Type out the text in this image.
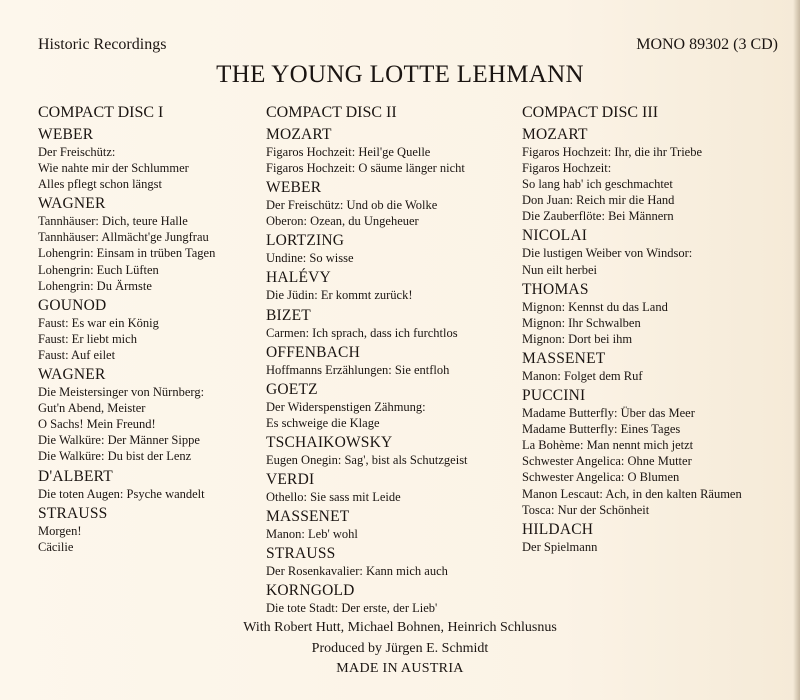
Historic Recordings	MONO 89302 (3 CD)
THE YOUNG LOTTE LEHMANN
COMPACT DISC I
WEBER
Der Freischütz:
Wie nahte mir der Schlummer
Alles pflegt schon längst
WAGNER
Tannhäuser: Dich, teure Halle
Tannhäuser: Allmächt'ge Jungfrau
Lohengrin: Einsam in trüben Tagen
Lohengrin: Euch Lüften
Lohengrin: Du Ärmste
GOUNOD
Faust: Es war ein König
Faust: Er liebt mich
Faust: Auf eilet
WAGNER
Die Meistersinger von Nürnberg:
Gut'n Abend, Meister
O Sachs! Mein Freund!
Die Walküre: Der Männer Sippe
Die Walküre: Du bist der Lenz
D'ALBERT
Die toten Augen: Psyche wandelt
STRAUSS
Morgen!
Cäcilie
COMPACT DISC II
MOZART
Figaros Hochzeit: Heil'ge Quelle
Figaros Hochzeit: O säume länger nicht
WEBER
Der Freischütz: Und ob die Wolke
Oberon: Ozean, du Ungeheuer
LORTZING
Undine: So wisse
HALÉVY
Die Jüdin: Er kommt zurück!
BIZET
Carmen: Ich sprach, dass ich furchtlos
OFFENBACH
Hoffmanns Erzählungen: Sie entfloh
GOETZ
Der Widerspenstigen Zähmung:
Es schweige die Klage
TSCHAIKOWSKY
Eugen Onegin: Sag', bist als Schutzgeist
VERDI
Othello: Sie sass mit Leide
MASSENET
Manon: Leb' wohl
STRAUSS
Der Rosenkavalier: Kann mich auch
KORNGOLD
Die tote Stadt: Der erste, der Lieb'
COMPACT DISC III
MOZART
Figaros Hochzeit: Ihr, die ihr Triebe
Figaros Hochzeit:
So lang hab' ich geschmachtet
Don Juan: Reich mir die Hand
Die Zauberflöte: Bei Männern
NICOLAI
Die lustigen Weiber von Windsor:
Nun eilt herbei
THOMAS
Mignon: Kennst du das Land
Mignon: Ihr Schwalben
Mignon: Dort bei ihm
MASSENET
Manon: Folget dem Ruf
PUCCINI
Madame Butterfly: Über das Meer
Madame Butterfly: Eines Tages
La Bohème: Man nennt mich jetzt
Schwester Angelica: Ohne Mutter
Schwester Angelica: O Blumen
Manon Lescaut: Ach, in den kalten Räumen
Tosca: Nur der Schönheit
HILDACH
Der Spielmann
With Robert Hutt, Michael Bohnen, Heinrich Schlusnus
Produced by Jürgen E. Schmidt
MADE IN AUSTRIA
